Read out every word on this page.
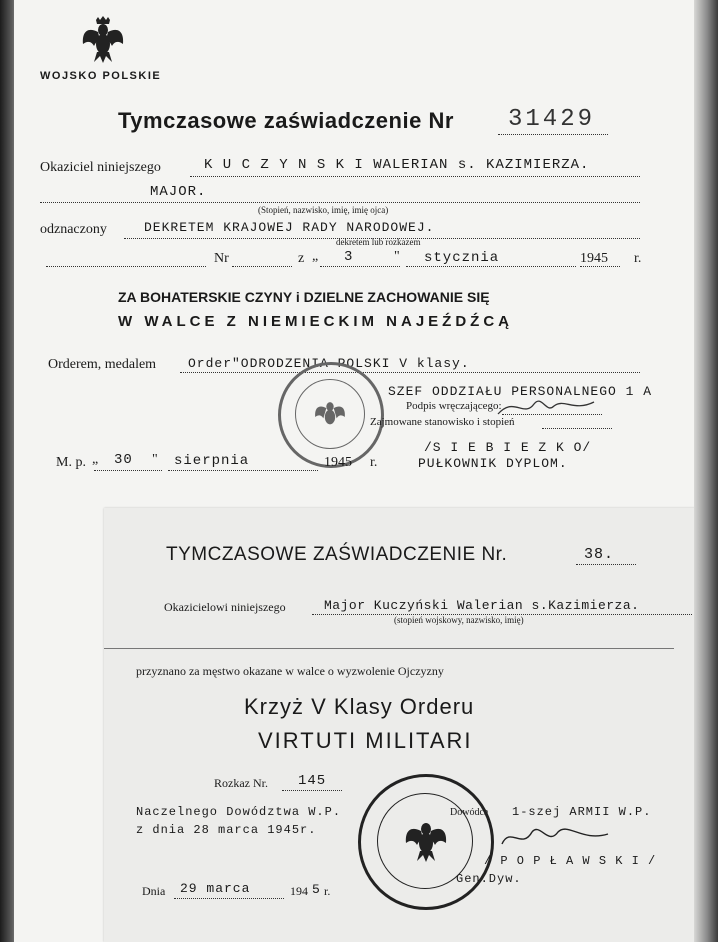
WOJSKO POLSKIE
Tymczasowe zaświadczenie Nr 31429
Okaziciel niniejszego	K U C Z Y N S K I WALERIAN s. KAZIMIERZA.
MAJOR.
(Stopień, nazwisko, imię, imię ojca)
odznaczony	DEKRETEM KRAJOWEJ RADY NARODOWEJ.
dekretem lub rozkazem
Nr	z „ 3	" stycznia	1945 r.
ZA BOHATERSKIE CZYNY i DZIELNE ZACHOWANIE SIĘ
W WALCE Z NIEMIECKIM NAJEŹDŹCĄ
Orderem, medalem Order"ODRODZENIA POLSKI V klasy.
SZEF ODDZIAŁU PERSONALNEGO 1 A
Podpis wręczającego:
Zajmowane stanowisko i stopień
M. p. „ 30 " sierpnia	1945 r.
/S I E B I E Z K O/
PUŁKOWNIK DYPLOM.
TYMCZASOWE ZAŚWIADCZENIE Nr.	38.
Okazicielowi niniejszego	Major Kuczyński Walerian s.Kazimierza.
(stopień wojskowy, nazwisko, imię)
przyznano za męstwo okazane w walce o wyzwolenie Ojczyzny
Krzyż V Klasy Orderu
VIRTUTI MILITARI
Rozkaz Nr. 145
Naczelnego Dowództwa W.P.
z dnia 28 marca 1945r.
Dowódca 1-szej ARMII W.P.
/ P O P Ł A W S K I /
Gen.Dyw.
Dnia 29 marca	194 5 r.
